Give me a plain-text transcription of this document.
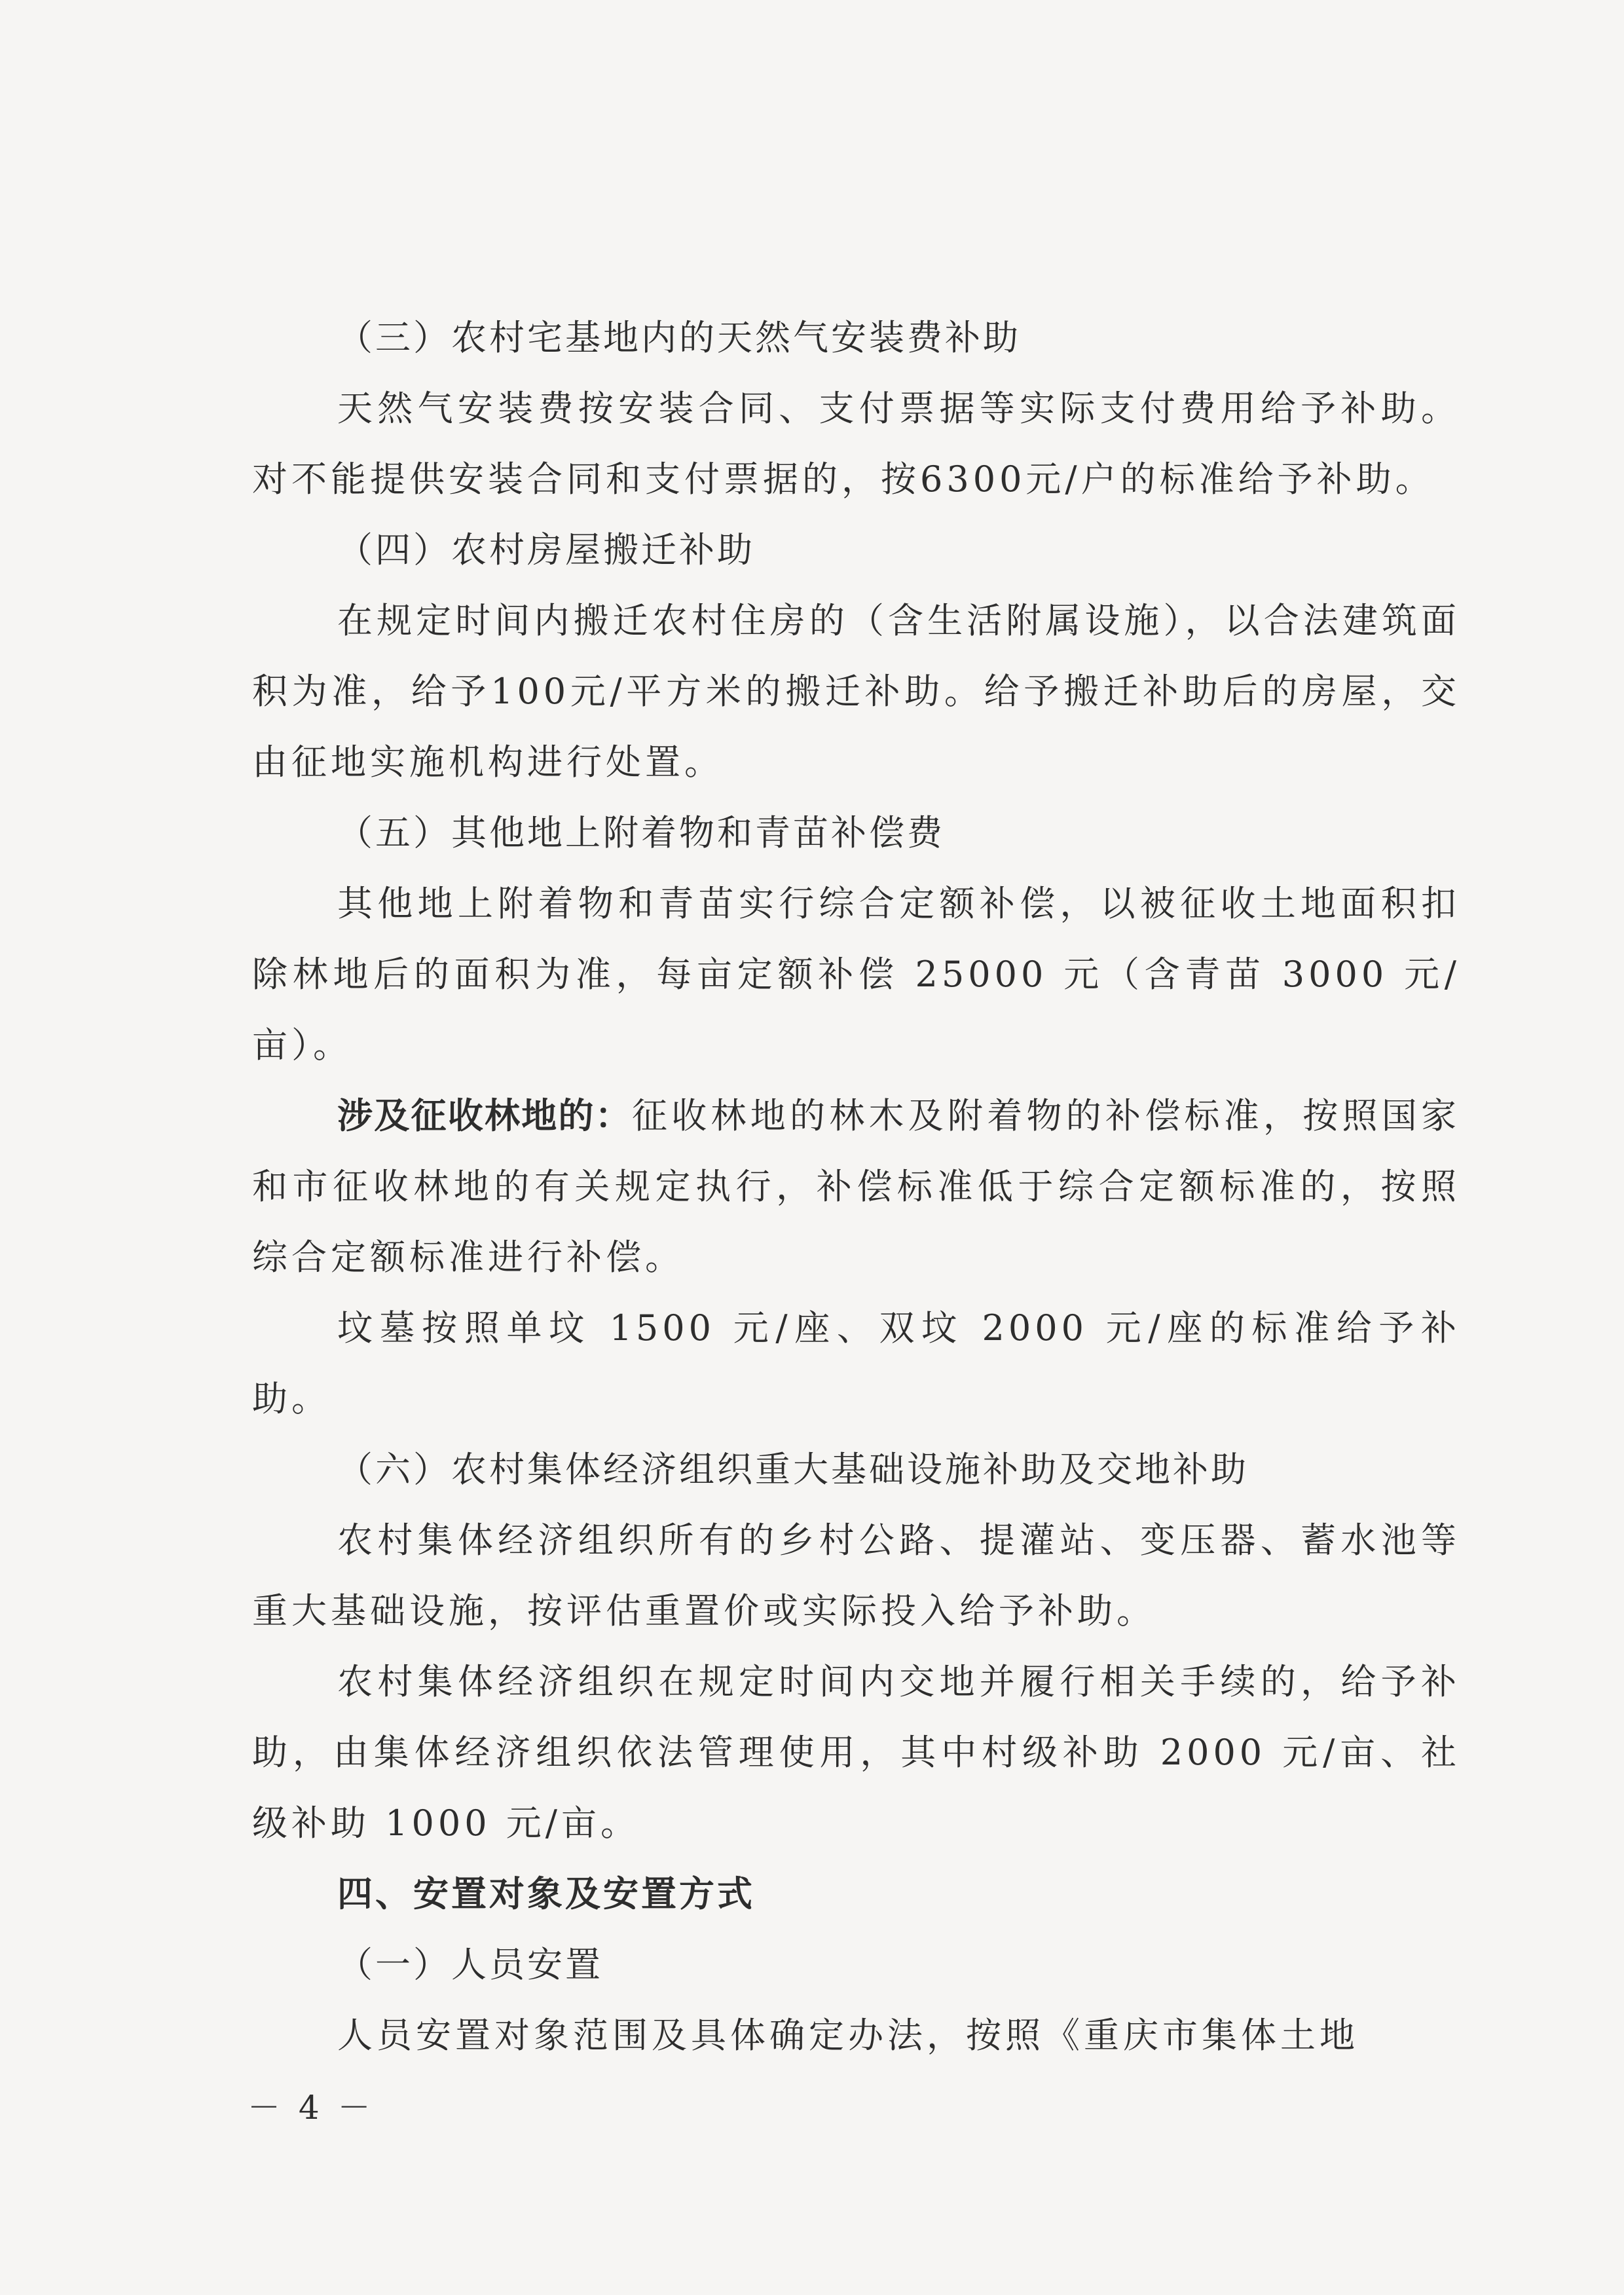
（三）农村宅基地内的天然气安装费补助

天然气安装费按安装合同、支付票据等实际支付费用给予补助。对不能提供安装合同和支付票据的，按6300元/户的标准给予补助。

（四）农村房屋搬迁补助

在规定时间内搬迁农村住房的（含生活附属设施），以合法建筑面积为准，给予100元/平方米的搬迁补助。给予搬迁补助后的房屋，交由征地实施机构进行处置。

（五）其他地上附着物和青苗补偿费

其他地上附着物和青苗实行综合定额补偿，以被征收土地面积扣除林地后的面积为准，每亩定额补偿 25000 元（含青苗 3000 元/亩）。

涉及征收林地的：征收林地的林木及附着物的补偿标准，按照国家和市征收林地的有关规定执行，补偿标准低于综合定额标准的，按照综合定额标准进行补偿。

坟墓按照单坟 1500 元/座、双坟 2000 元/座的标准给予补助。

（六）农村集体经济组织重大基础设施补助及交地补助

农村集体经济组织所有的乡村公路、提灌站、变压器、蓄水池等重大基础设施，按评估重置价或实际投入给予补助。

农村集体经济组织在规定时间内交地并履行相关手续的，给予补助，由集体经济组织依法管理使用，其中村级补助 2000 元/亩、社级补助 1000 元/亩。

四、安置对象及安置方式

（一）人员安置

人员安置对象范围及具体确定办法，按照《重庆市集体土地

－ 4 －
